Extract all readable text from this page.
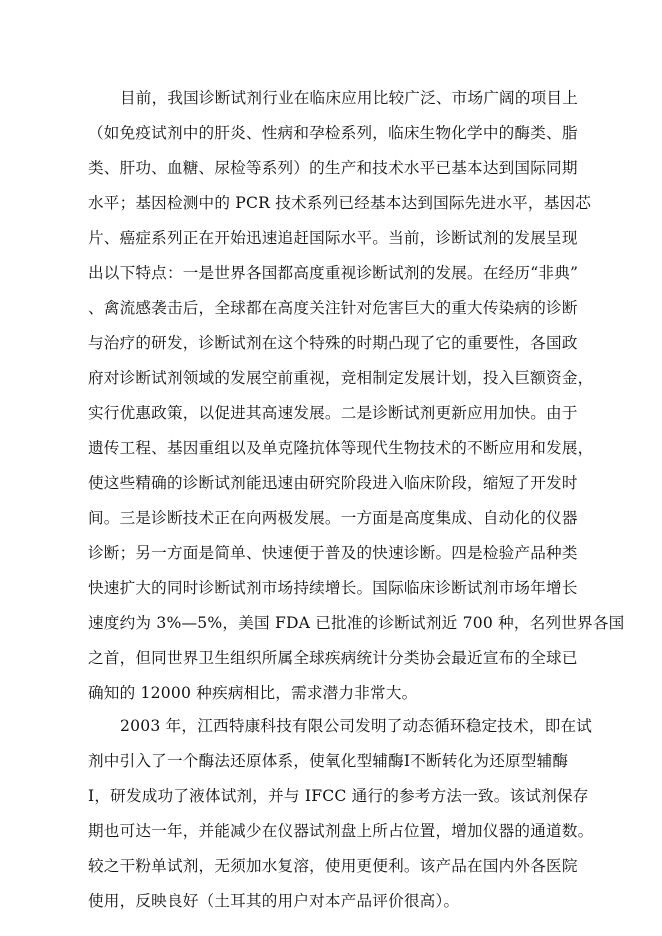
目前，我国诊断试剂行业在临床应用比较广泛、市场广阔的项目上
（如免疫试剂中的肝炎、性病和孕检系列，临床生物化学中的酶类、脂
类、肝功、血糖、尿检等系列）的生产和技术水平已基本达到国际同期
水平；基因检测中的 PCR 技术系列已经基本达到国际先进水平，基因芯
片、癌症系列正在开始迅速追赶国际水平。当前，诊断试剂的发展呈现
出以下特点：一是世界各国都高度重视诊断试剂的发展。在经历“非典”
、禽流感袭击后，全球都在高度关注针对危害巨大的重大传染病的诊断
与治疗的研发，诊断试剂在这个特殊的时期凸现了它的重要性，各国政
府对诊断试剂领域的发展空前重视，竞相制定发展计划，投入巨额资金，
实行优惠政策，以促进其高速发展。二是诊断试剂更新应用加快。由于
遗传工程、基因重组以及单克隆抗体等现代生物技术的不断应用和发展，
使这些精确的诊断试剂能迅速由研究阶段进入临床阶段，缩短了开发时
间。三是诊断技术正在向两极发展。一方面是高度集成、自动化的仪器
诊断；另一方面是简单、快速便于普及的快速诊断。四是检验产品种类
快速扩大的同时诊断试剂市场持续增长。国际临床诊断试剂市场年增长
速度约为 3%—5%，美国 FDA 已批准的诊断试剂近 700 种，名列世界各国
之首，但同世界卫生组织所属全球疾病统计分类协会最近宣布的全球已
确知的 12000 种疾病相比，需求潜力非常大。
2003 年，江西特康科技有限公司发明了动态循环稳定技术，即在试
剂中引入了一个酶法还原体系，使氧化型辅酶Ⅰ不断转化为还原型辅酶
Ⅰ，研发成功了液体试剂，并与 IFCC 通行的参考方法一致。该试剂保存
期也可达一年，并能减少在仪器试剂盘上所占位置，增加仪器的通道数。
较之干粉单试剂，无须加水复溶，使用更便利。该产品在国内外各医院
使用，反映良好（土耳其的用户对本产品评价很高）。
